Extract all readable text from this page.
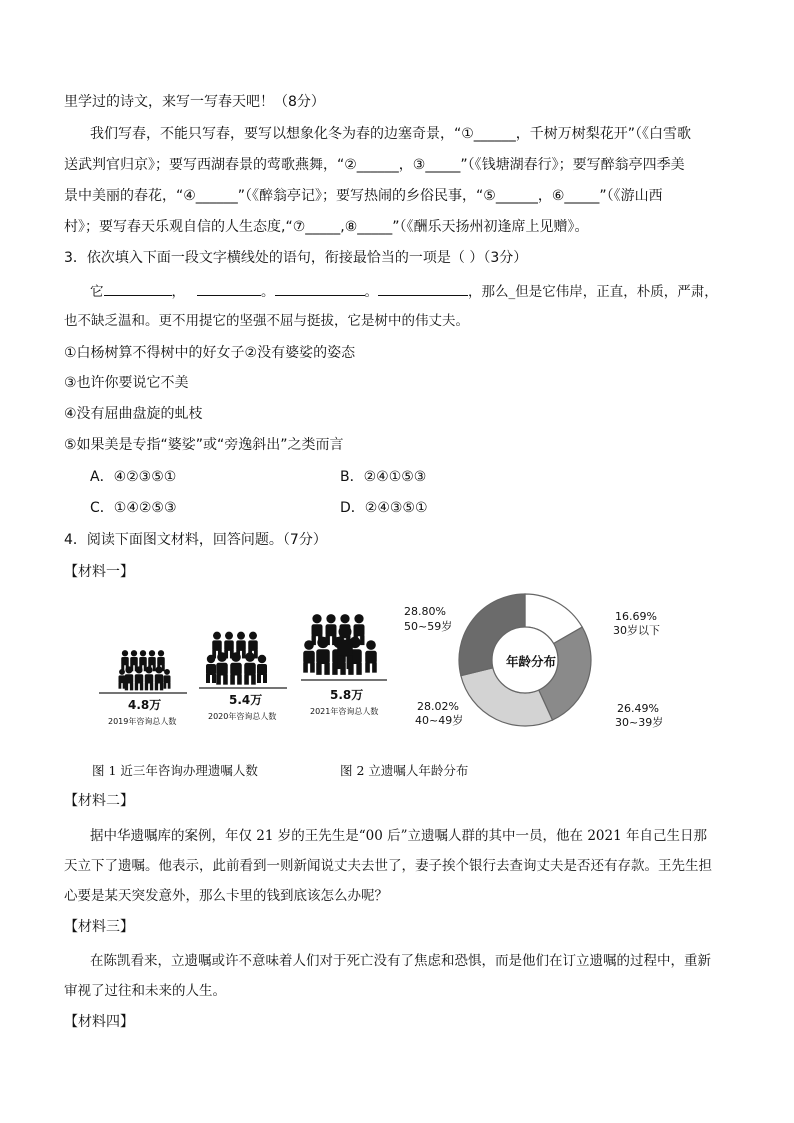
里学过的诗文，来写一写春天吧！（8分）
我们写春，不能只写春，要写以想象化冬为春的边塞奇景，“①______，千树万树梨花开”（《白雪歌
送武判官归京》；要写西湖春景的莺歌燕舞，“②______，③_____”（《钱塘湖春行》；要写醉翁亭四季美
景中美丽的春花，“④______”（《醉翁亭记》；要写热闹的乡俗民事，“⑤______，⑥_____”（《游山西
村》；要写春天乐观自信的人生态度,“⑦_____,⑧_____”（《酬乐天扬州初逢席上见赠》。
3．依次填入下面一段文字横线处的语句，衔接最恰当的一项是（ ）（3分）
它	，	。	。	，那么_但是它伟岸，正直，朴质，严肃，
也不缺乏温和。更不用提它的坚强不屈与挺拔，它是树中的伟丈夫。
①白杨树算不得树中的好女子②没有婆娑的姿态
③也许你要说它不美
④没有屈曲盘旋的虬枝
⑤如果美是专指“婆娑”或“旁逸斜出”之类而言
A．④②③⑤①	B．②④①⑤③
C．①④②⑤③	D．②④③⑤①
4．阅读下面图文材料，回答问题。（7分）
【材料一】
4.8万
2019年咨询总人数
5.4万
2020年咨询总人数
5.8万
2021年咨询总人数
年龄分布
28.80%
50~59岁
16.69%
30岁以下
26.49%
30~39岁
28.02%
40~49岁
图 1 近三年咨询办理遗嘱人数	图 2 立遗嘱人年龄分布
【材料二】
据中华遗嘱库的案例，年仅 21 岁的王先生是“00 后”立遗嘱人群的其中一员，他在 2021 年自己生日那
天立下了遗嘱。他表示，此前看到一则新闻说丈夫去世了，妻子挨个银行去查询丈夫是否还有存款。王先生担
心要是某天突发意外，那么卡里的钱到底该怎么办呢？
【材料三】
在陈凯看来，立遗嘱或许不意味着人们对于死亡没有了焦虑和恐惧，而是他们在订立遗嘱的过程中，重新
审视了过往和未来的人生。
【材料四】
